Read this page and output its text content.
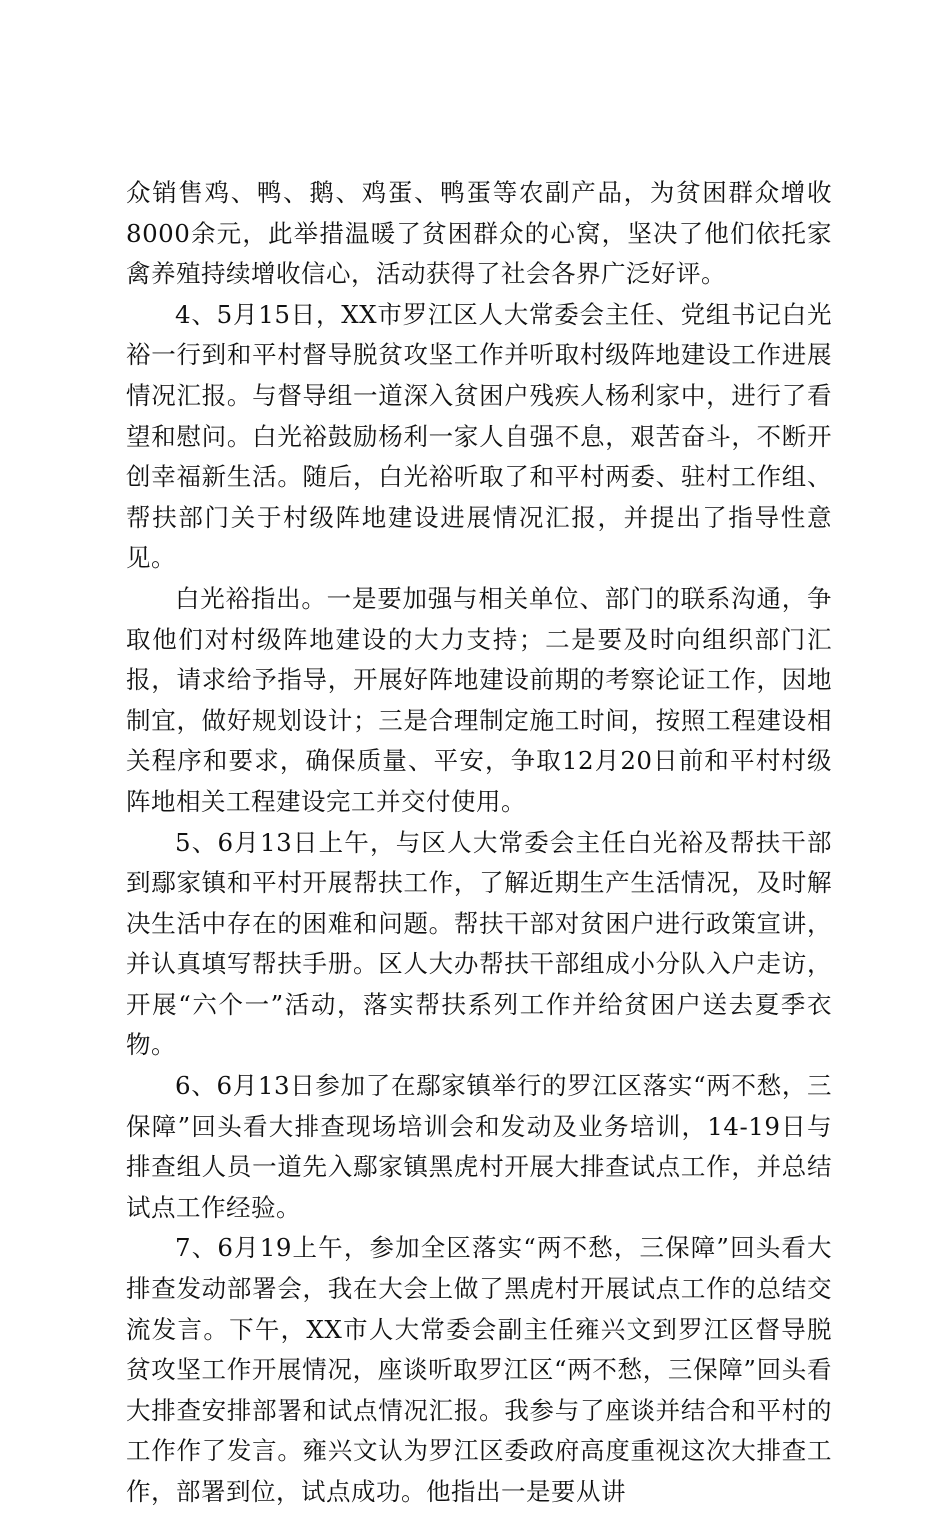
众销售鸡、鸭、鹅、鸡蛋、鸭蛋等农副产品，为贫困群众增收8000余元，此举措温暖了贫困群众的心窝，坚决了他们依托家禽养殖持续增收信心，活动获得了社会各界广泛好评。

4、5月15日，XX市罗江区人大常委会主任、党组书记白光裕一行到和平村督导脱贫攻坚工作并听取村级阵地建设工作进展情况汇报。与督导组一道深入贫困户残疾人杨利家中，进行了看望和慰问。白光裕鼓励杨利一家人自强不息，艰苦奋斗，不断开创幸福新生活。随后，白光裕听取了和平村两委、驻村工作组、帮扶部门关于村级阵地建设进展情况汇报，并提出了指导性意见。

白光裕指出。一是要加强与相关单位、部门的联系沟通，争取他们对村级阵地建设的大力支持；二是要及时向组织部门汇报，请求给予指导，开展好阵地建设前期的考察论证工作，因地制宜，做好规划设计；三是合理制定施工时间，按照工程建设相关程序和要求，确保质量、平安，争取12月20日前和平村村级阵地相关工程建设完工并交付使用。

5、6月13日上午，与区人大常委会主任白光裕及帮扶干部到鄢家镇和平村开展帮扶工作，了解近期生产生活情况，及时解决生活中存在的困难和问题。帮扶干部对贫困户进行政策宣讲，并认真填写帮扶手册。区人大办帮扶干部组成小分队入户走访，开展“六个一”活动，落实帮扶系列工作并给贫困户送去夏季衣物。

6、6月13日参加了在鄢家镇举行的罗江区落实“两不愁，三保障”回头看大排查现场培训会和发动及业务培训，14-19日与排查组人员一道先入鄢家镇黑虎村开展大排查试点工作，并总结试点工作经验。

7、6月19上午，参加全区落实“两不愁，三保障”回头看大排查发动部署会，我在大会上做了黑虎村开展试点工作的总结交流发言。下午，XX市人大常委会副主任雍兴文到罗江区督导脱贫攻坚工作开展情况，座谈听取罗江区“两不愁，三保障”回头看大排查安排部署和试点情况汇报。我参与了座谈并结合和平村的工作作了发言。雍兴文认为罗江区委政府高度重视这次大排查工作，部署到位，试点成功。他指出一是要从讲
